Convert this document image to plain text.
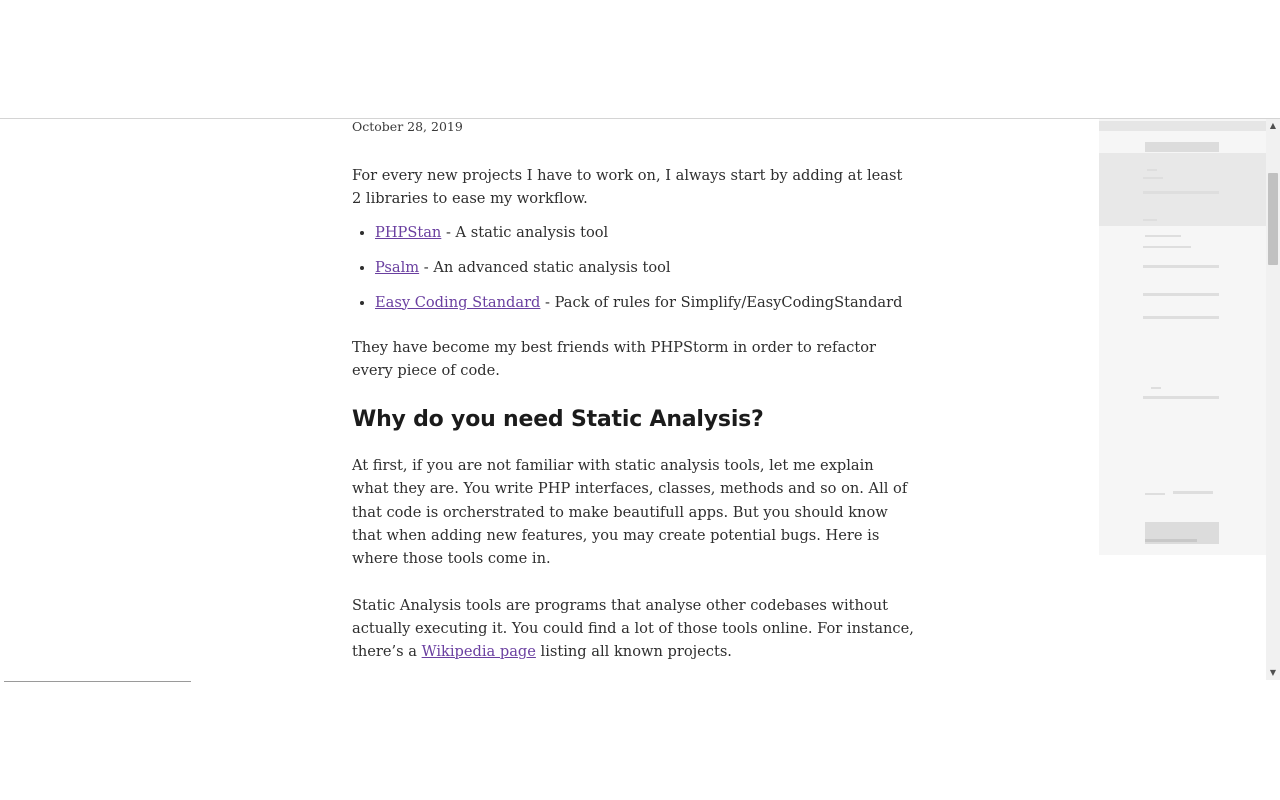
October 28, 2019

For every new projects I have to work on, I always start by adding at least 2 libraries to ease my workflow.

• PHPStan - A static analysis tool
• Psalm - An advanced static analysis tool
• Easy Coding Standard - Pack of rules for Simplify/EasyCodingStandard

They have become my best friends with PHPStorm in order to refactor every piece of code.

Why do you need Static Analysis?

At first, if you are not familiar with static analysis tools, let me explain what they are. You write PHP interfaces, classes, methods and so on. All of that code is orcherstrated to make beautifull apps. But you should know that when adding new features, you may create potential bugs. Here is where those tools come in.

Static Analysis tools are programs that analyse other codebases without actually executing it. You could find a lot of those tools online. For instance, there’s a Wikipedia page listing all known projects.

▲
▼
